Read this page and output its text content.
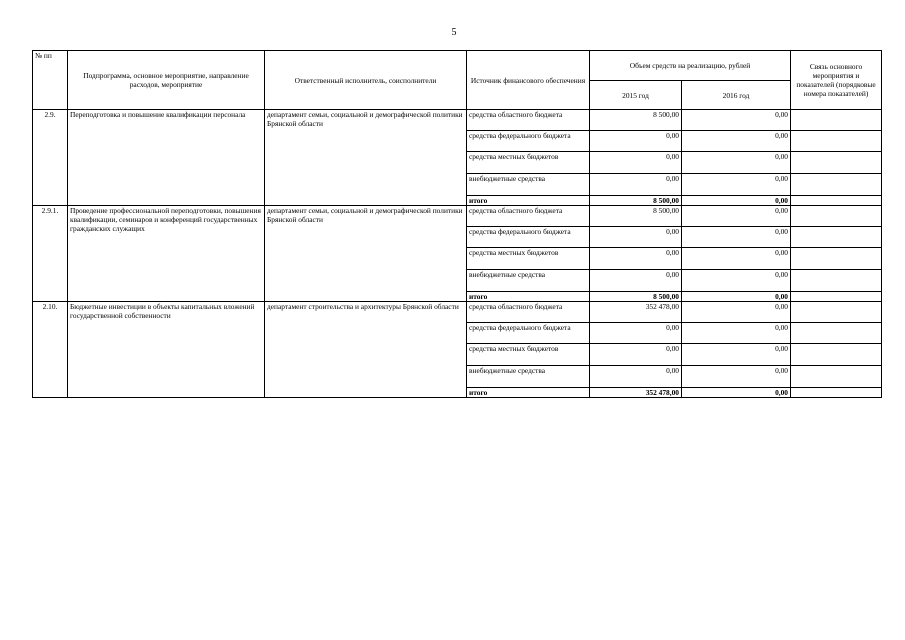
5
№ пп	Подпрограмма, основное мероприятие, направление расходов, мероприятие	Ответственный исполнитель, соисполнители	Источник финансового обеспечения	Объем средств на реализацию, рублей		Связь основного мероприятия и показателей (порядковые номера показателей)
				2015 год	2016 год	
2.9.	Переподготовка и повышение квалификации персонала	департамент семьи, социальной и демографической политики Брянской области	средства областного бюджета	8 500,00	0,00	
			средства федерального бюджета	0,00	0,00	
			средства местных бюджетов	0,00	0,00	
			внебюджетные средства	0,00	0,00	
			итого	8 500,00	0,00	
2.9.1.	Проведение профессиональной переподготовки, повышения квалификации, семинаров и конференций государственных гражданских служащих	департамент семьи, социальной и демографической политики Брянской области	средства областного бюджета	8 500,00	0,00	
			средства федерального бюджета	0,00	0,00	
			средства местных бюджетов	0,00	0,00	
			внебюджетные средства	0,00	0,00	
			итого	8 500,00	0,00	
2.10.	Бюджетные инвестиции в объекты капитальных вложений государственной собственности	департамент строительства и архитектуры Брянской области	средства областного бюджета	352 478,00	0,00	
			средства федерального бюджета	0,00	0,00	
			средства местных бюджетов	0,00	0,00	
			внебюджетные средства	0,00	0,00	
			итого	352 478,00	0,00	
